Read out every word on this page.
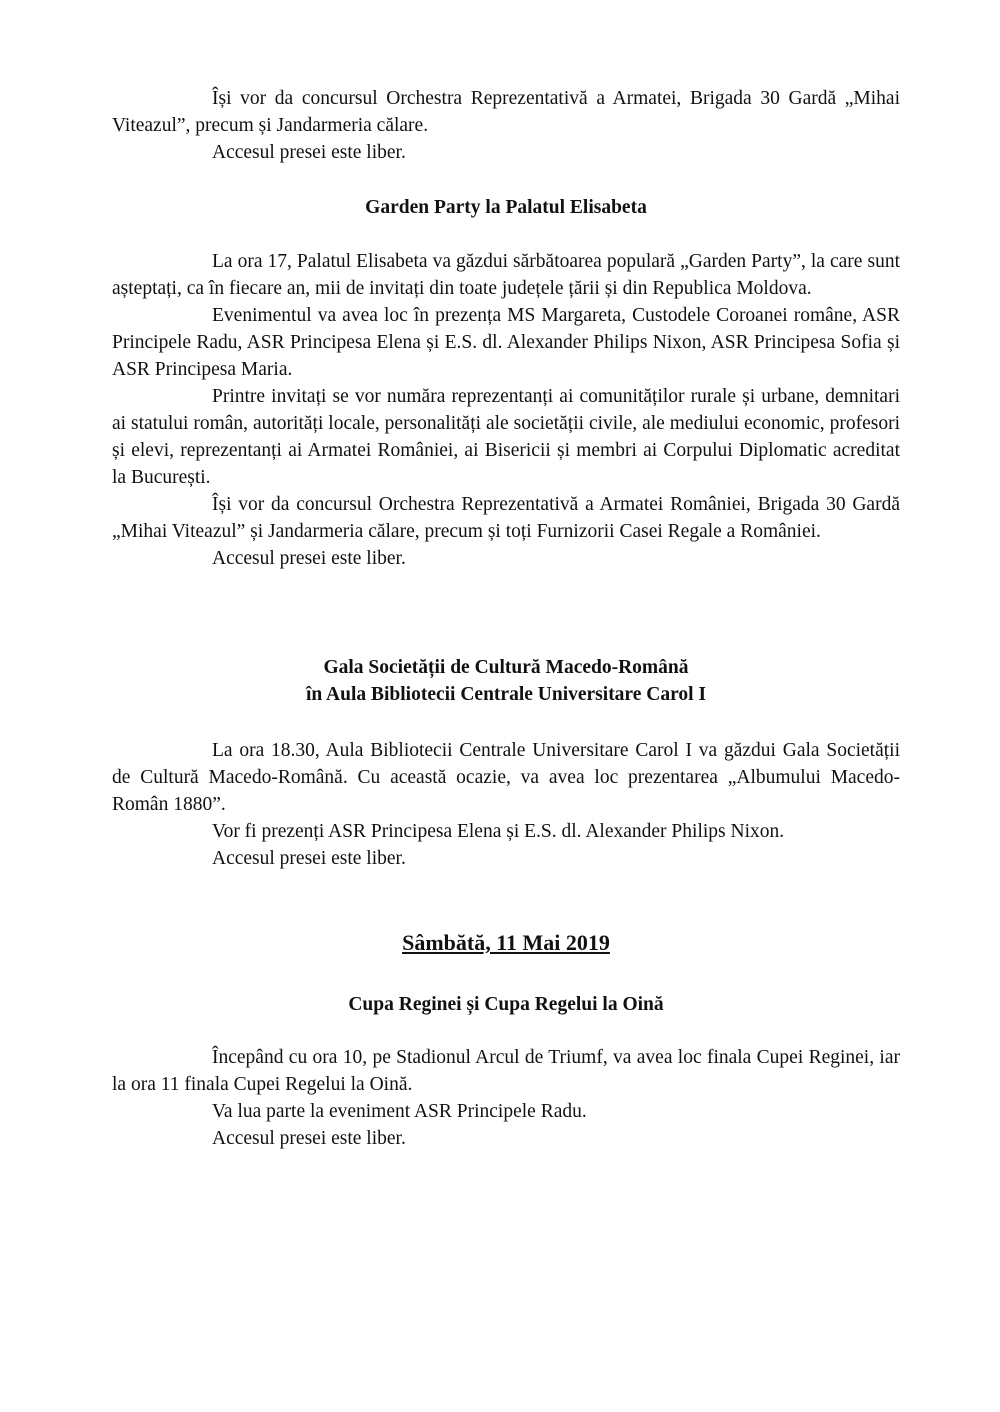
Își vor da concursul Orchestra Reprezentativă a Armatei, Brigada 30 Gardă „Mihai Viteazul”, precum și Jandarmeria călare.

Accesul presei este liber.

Garden Party la Palatul Elisabeta

La ora 17, Palatul Elisabeta va găzdui sărbătoarea populară „Garden Party”, la care sunt așteptați, ca în fiecare an, mii de invitați din toate județele țării și din Republica Moldova.

Evenimentul va avea loc în prezența MS Margareta, Custodele Coroanei române, ASR Principele Radu, ASR Principesa Elena și E.S. dl. Alexander Philips Nixon, ASR Principesa Sofia și ASR Principesa Maria.

Printre invitați se vor număra reprezentanți ai comunităților rurale și urbane, demnitari ai statului român, autorități locale, personalități ale societății civile, ale mediului economic, profesori și elevi, reprezentanți ai Armatei României, ai Bisericii și membri ai Corpului Diplomatic acreditat la București.

Își vor da concursul Orchestra Reprezentativă a Armatei României, Brigada 30 Gardă „Mihai Viteazul” și Jandarmeria călare, precum și toți Furnizorii Casei Regale a României.

Accesul presei este liber.

Gala Societății de Cultură Macedo-Română
în Aula Bibliotecii Centrale Universitare Carol I

La ora 18.30, Aula Bibliotecii Centrale Universitare Carol I va găzdui Gala Societății de Cultură Macedo-Română. Cu această ocazie, va avea loc prezentarea „Albumului Macedo-Român 1880”.

Vor fi prezenți ASR Principesa Elena și E.S. dl. Alexander Philips Nixon.

Accesul presei este liber.

Sâmbătă, 11 Mai 2019
Cupa Reginei și Cupa Regelui la Oină

Începând cu ora 10, pe Stadionul Arcul de Triumf, va avea loc finala Cupei Reginei, iar la ora 11 finala Cupei Regelui la Oină.

Va lua parte la eveniment ASR Principele Radu.

Accesul presei este liber.
